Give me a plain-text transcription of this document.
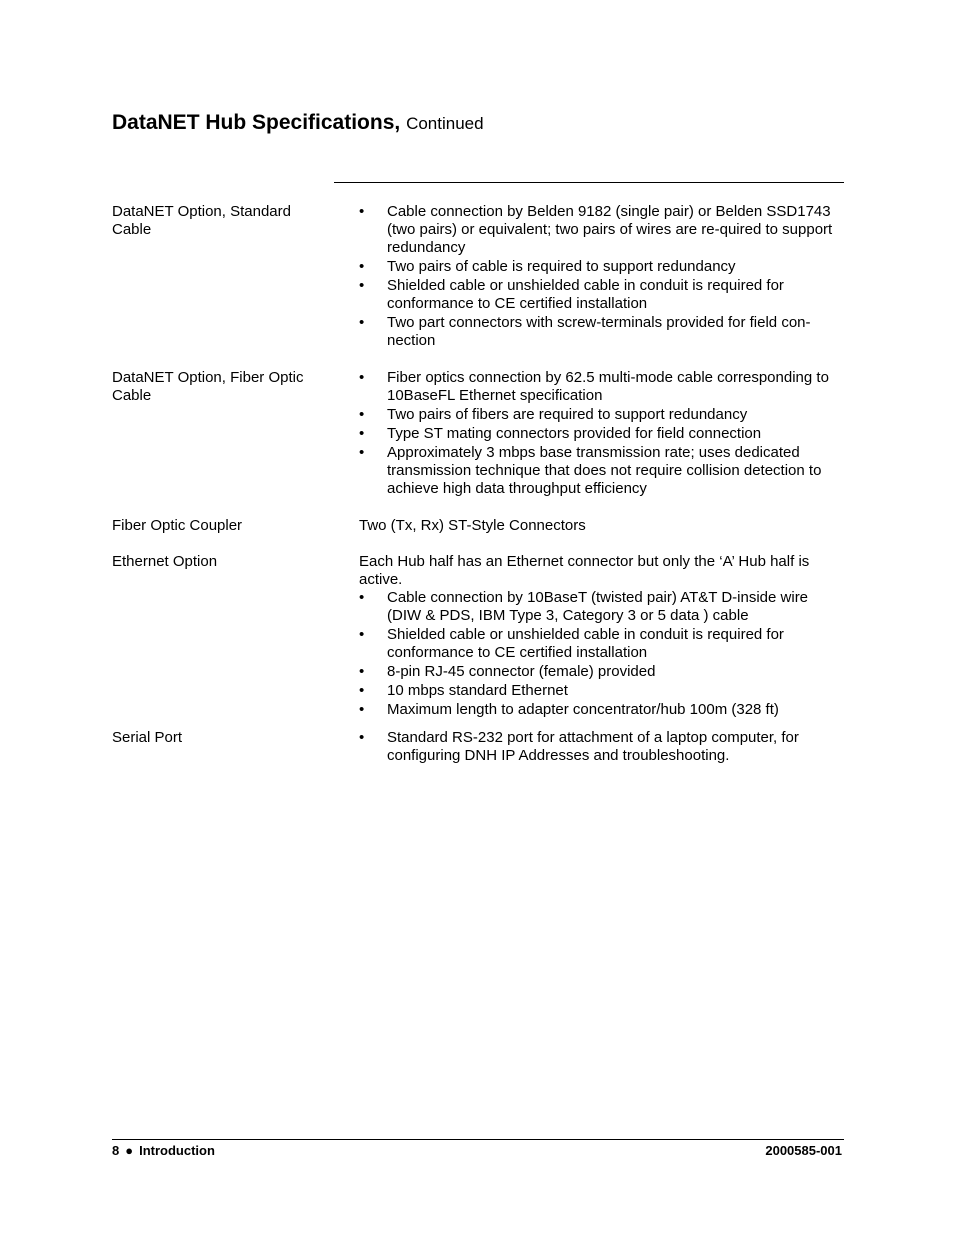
DataNET Hub Specifications, Continued
DataNET Option, Standard Cable
• Cable connection by Belden 9182 (single pair) or Belden SSD1743 (two pairs) or equivalent; two pairs of wires are re-quired to support redundancy
• Two pairs of cable is required to support redundancy
• Shielded cable or unshielded cable in conduit is required for conformance to CE certified installation
• Two part connectors with screw-terminals provided for field con-nection
DataNET Option, Fiber Optic Cable
• Fiber optics connection by 62.5 multi-mode cable corresponding to 10BaseFL Ethernet specification
• Two pairs of fibers are required to support redundancy
• Type ST mating connectors provided for field connection
• Approximately 3 mbps base transmission rate; uses dedicated transmission technique that does not require collision detection to achieve high data throughput efficiency
Fiber Optic Coupler	Two (Tx, Rx) ST-Style Connectors

Ethernet Option	Each Hub half has an Ethernet connector but only the ‘A’ Hub half is active.

• Cable connection by 10BaseT (twisted pair) AT&T D-inside wire (DIW & PDS, IBM Type 3, Category 3 or 5 data ) cable
• Shielded cable or unshielded cable in conduit is required for conformance to CE certified installation
• 8-pin RJ-45 connector (female) provided
• 10 mbps standard Ethernet
• Maximum length to adapter concentrator/hub 100m (328 ft)
Serial Port
•	Standard RS-232 port for attachment of a laptop computer, for configuring DNH IP Addresses and troubleshooting.
8 ● Introduction	2000585-001
